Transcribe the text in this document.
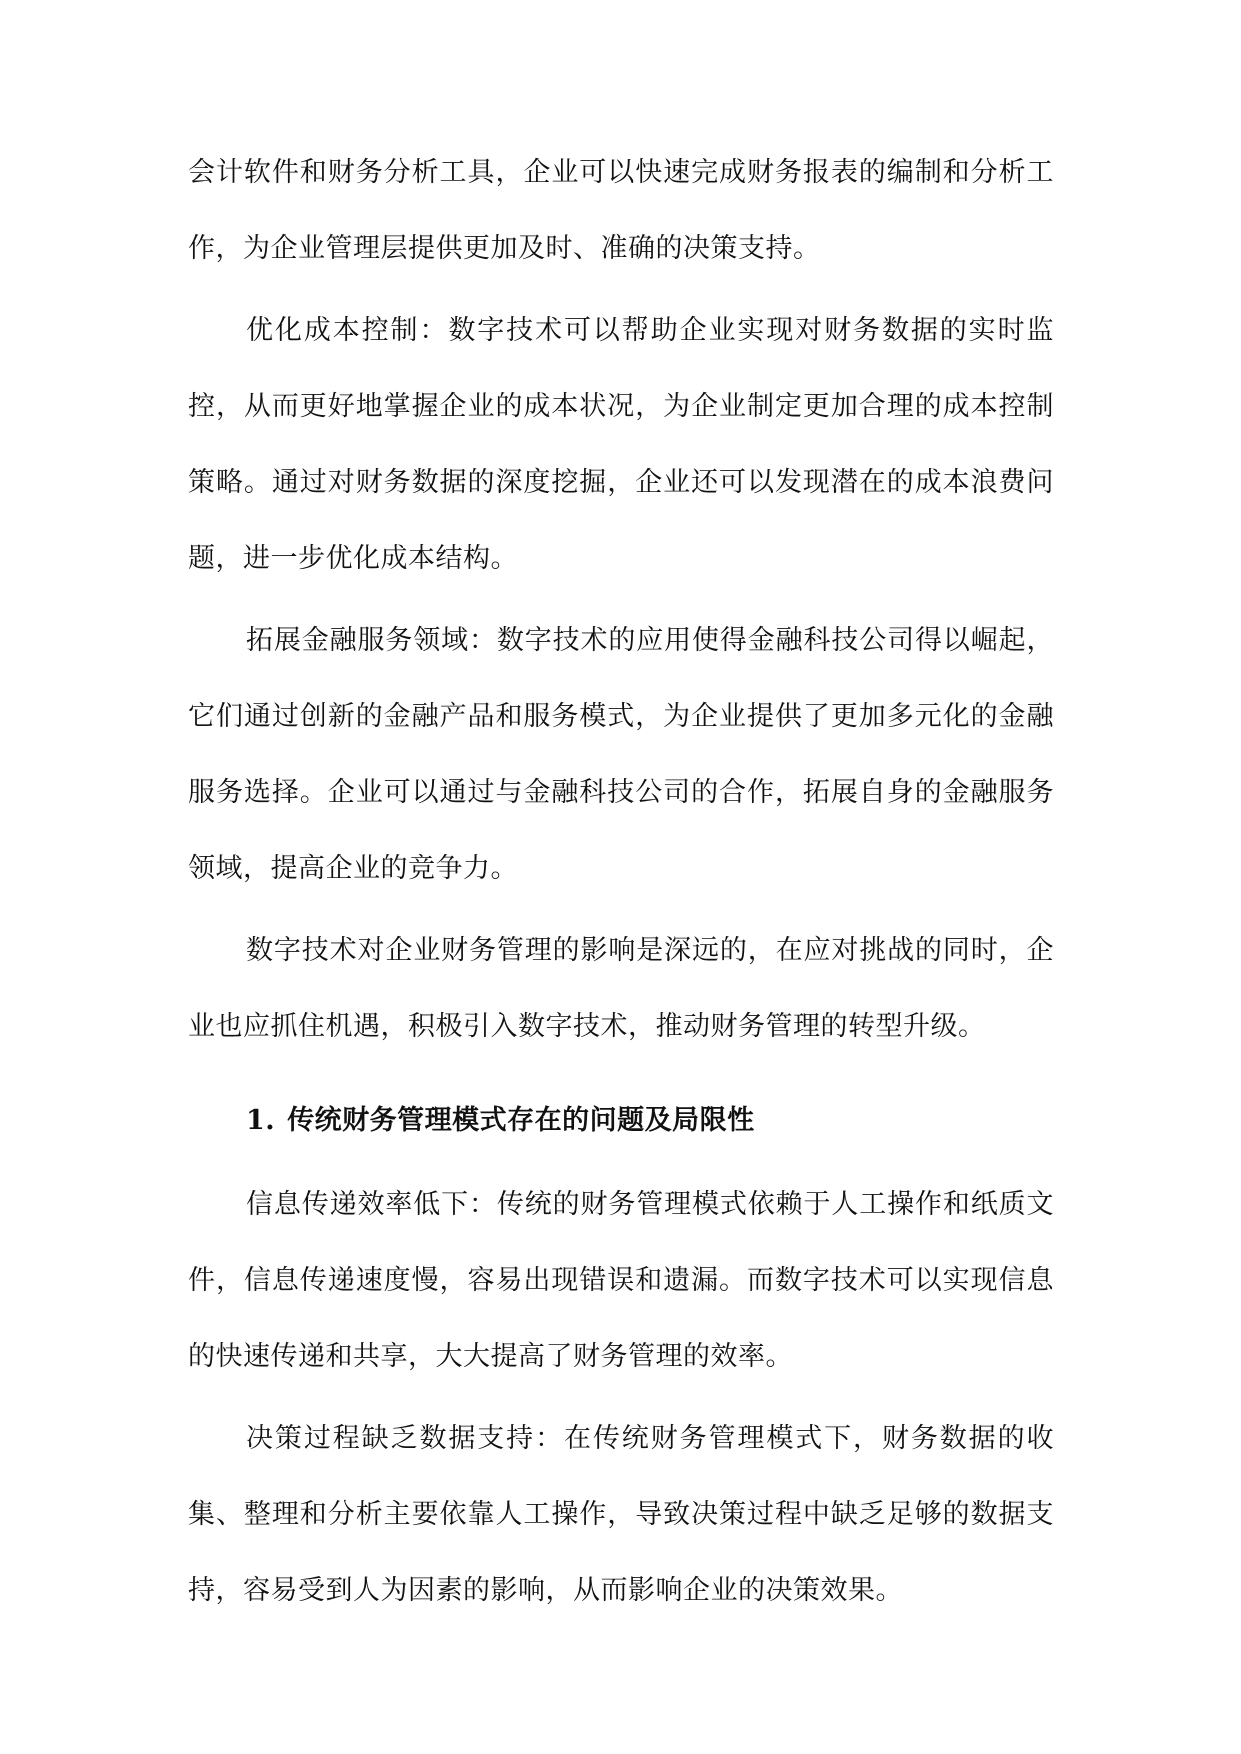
会计软件和财务分析工具，企业可以快速完成财务报表的编制和分析工作，为企业管理层提供更加及时、准确的决策支持。

优化成本控制：数字技术可以帮助企业实现对财务数据的实时监控，从而更好地掌握企业的成本状况，为企业制定更加合理的成本控制策略。通过对财务数据的深度挖掘，企业还可以发现潜在的成本浪费问题，进一步优化成本结构。

拓展金融服务领域：数字技术的应用使得金融科技公司得以崛起，它们通过创新的金融产品和服务模式，为企业提供了更加多元化的金融服务选择。企业可以通过与金融科技公司的合作，拓展自身的金融服务领域，提高企业的竞争力。

数字技术对企业财务管理的影响是深远的，在应对挑战的同时，企业也应抓住机遇，积极引入数字技术，推动财务管理的转型升级。

1. 传统财务管理模式存在的问题及局限性

信息传递效率低下：传统的财务管理模式依赖于人工操作和纸质文件，信息传递速度慢，容易出现错误和遗漏。而数字技术可以实现信息的快速传递和共享，大大提高了财务管理的效率。

决策过程缺乏数据支持：在传统财务管理模式下，财务数据的收集、整理和分析主要依靠人工操作，导致决策过程中缺乏足够的数据支持，容易受到人为因素的影响，从而影响企业的决策效果。
